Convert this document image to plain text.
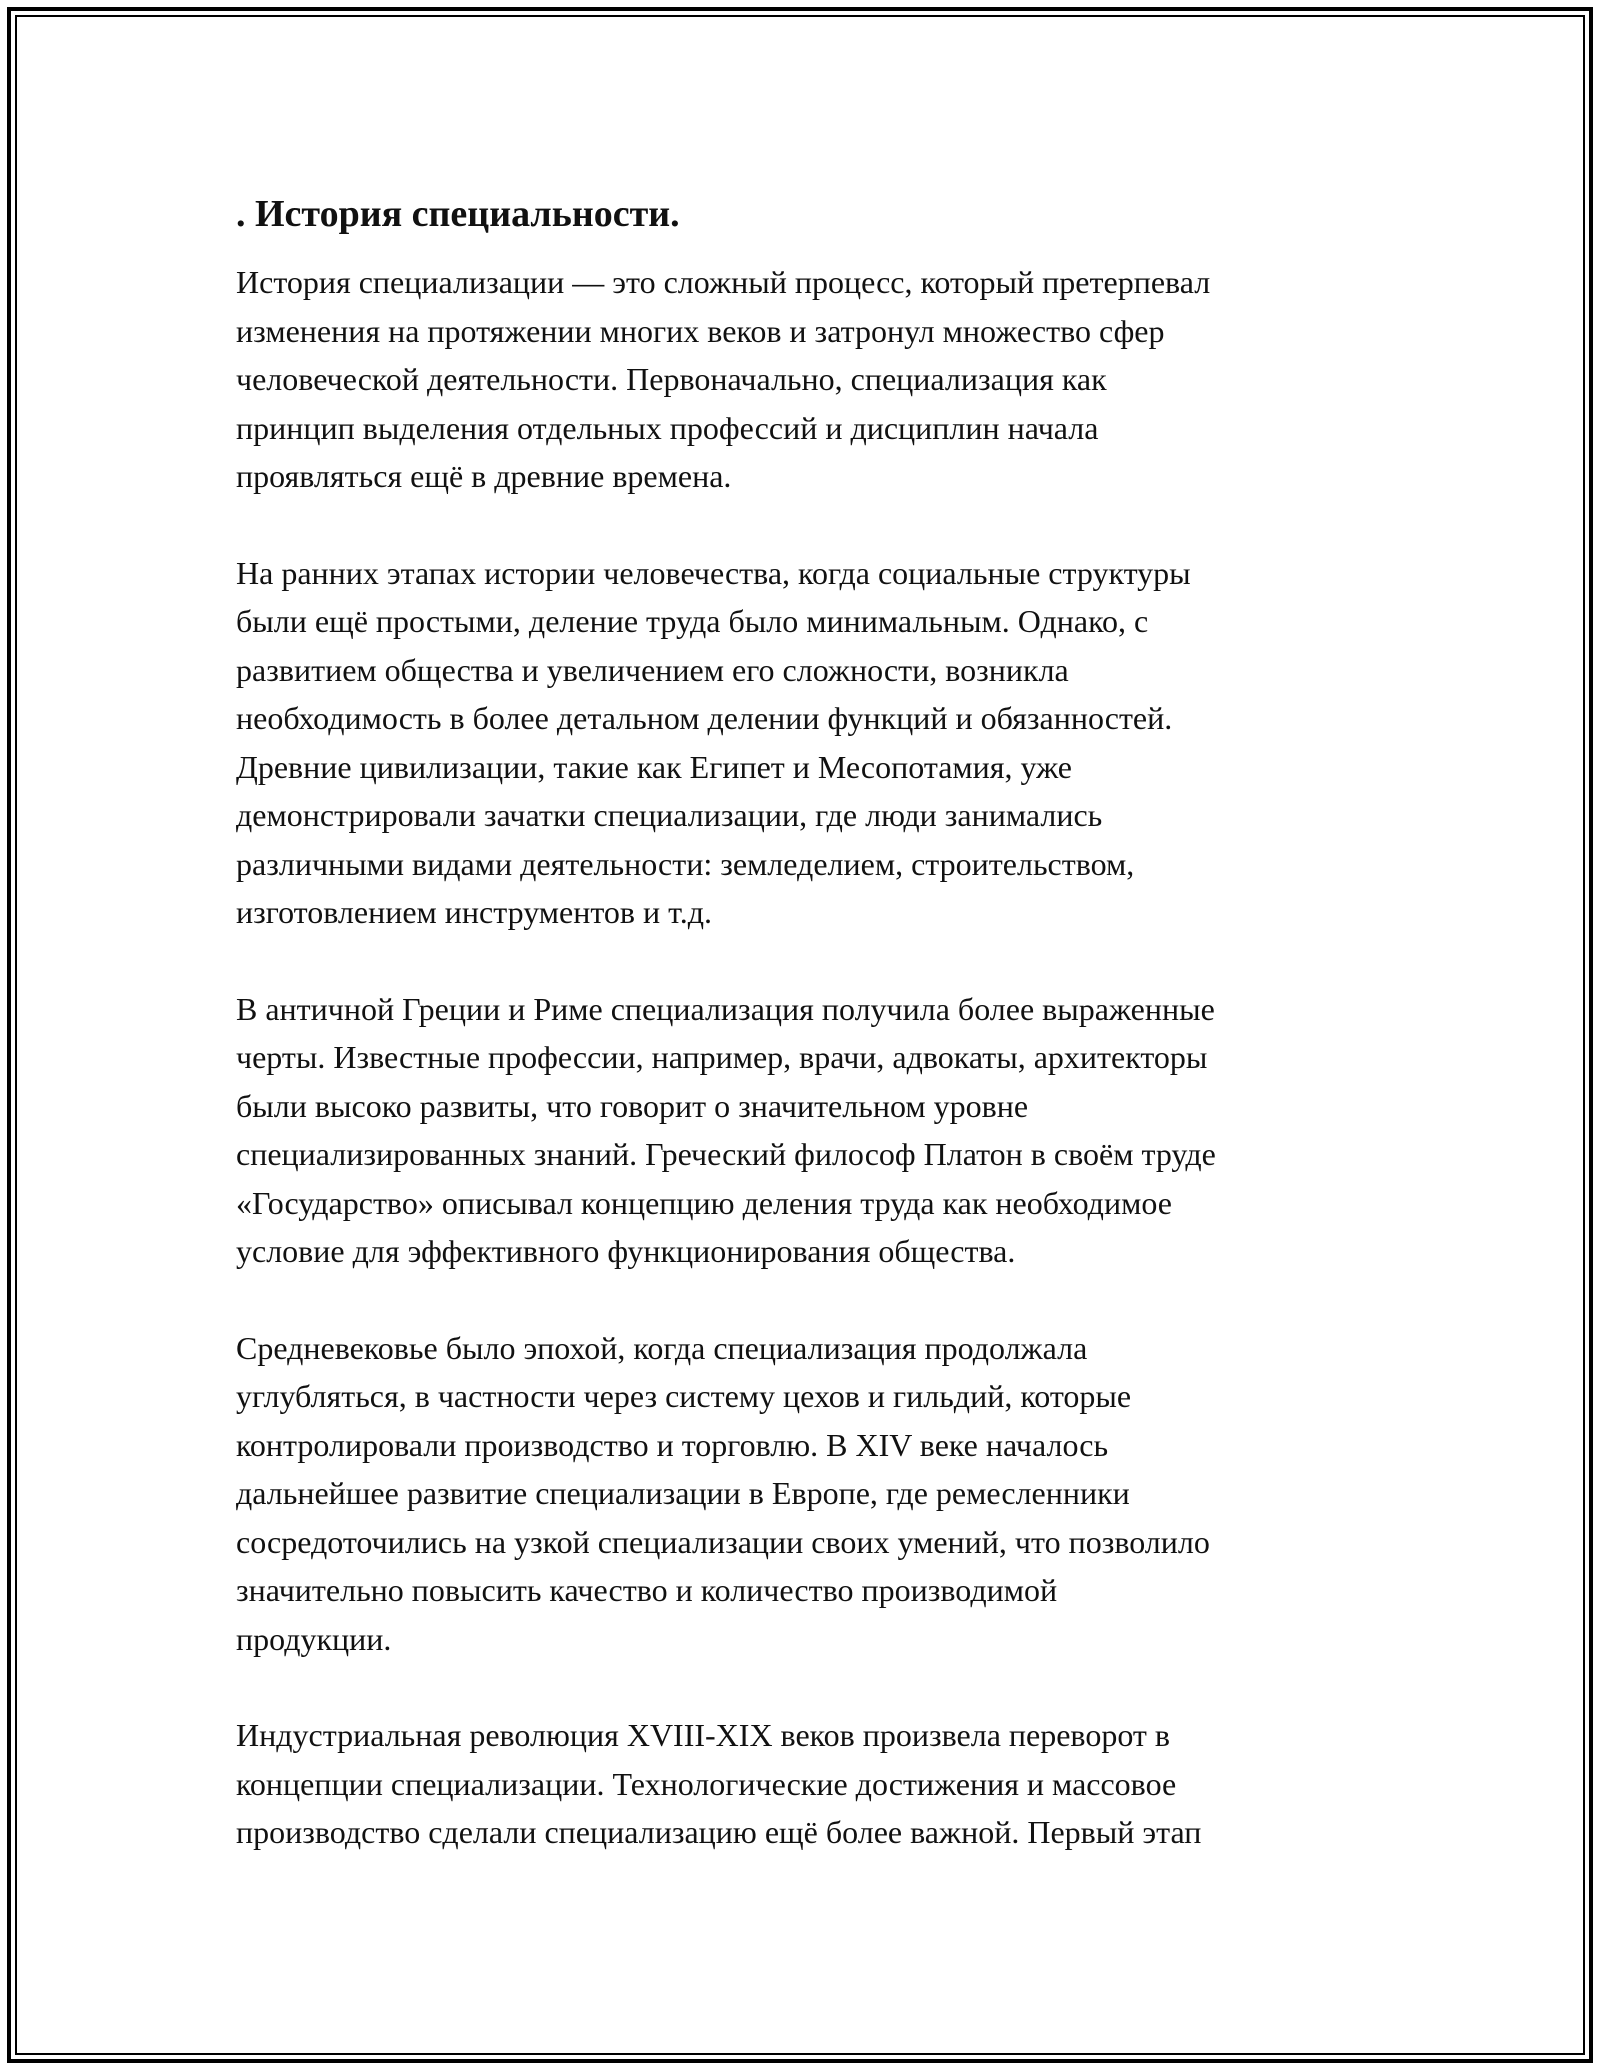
. История специальности.

История специализации — это сложный процесс, который претерпевал
изменения на протяжении многих веков и затронул множество сфер
человеческой деятельности. Первоначально, специализация как
принцип выделения отдельных профессий и дисциплин начала
проявляться ещё в древние времена.

На ранних этапах истории человечества, когда социальные структуры
были ещё простыми, деление труда было минимальным. Однако, с
развитием общества и увеличением его сложности, возникла
необходимость в более детальном делении функций и обязанностей.
Древние цивилизации, такие как Египет и Месопотамия, уже
демонстрировали зачатки специализации, где люди занимались
различными видами деятельности: земледелием, строительством,
изготовлением инструментов и т.д.

В античной Греции и Риме специализация получила более выраженные
черты. Известные профессии, например, врачи, адвокаты, архитекторы
были высоко развиты, что говорит о значительном уровне
специализированных знаний. Греческий философ Платон в своём труде
«Государство» описывал концепцию деления труда как необходимое
условие для эффективного функционирования общества.

Средневековье было эпохой, когда специализация продолжала
углубляться, в частности через систему цехов и гильдий, которые
контролировали производство и торговлю. В XIV веке началось
дальнейшее развитие специализации в Европе, где ремесленники
сосредоточились на узкой специализации своих умений, что позволило
значительно повысить качество и количество производимой
продукции.

Индустриальная революция XVIII-XIX веков произвела переворот в
концепции специализации. Технологические достижения и массовое
производство сделали специализацию ещё более важной. Первый этап
